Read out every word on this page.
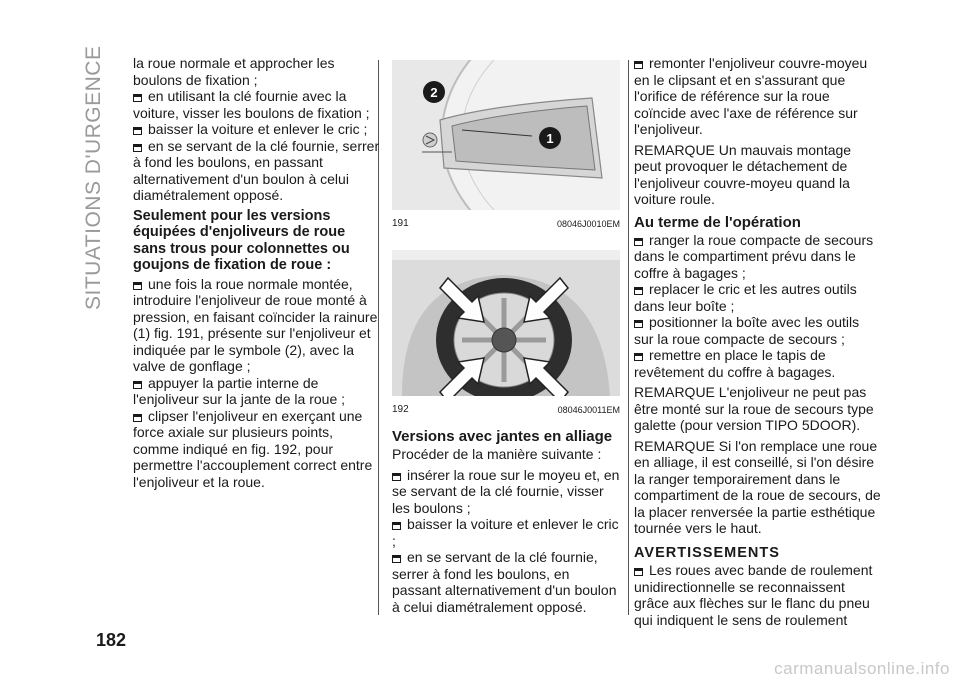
SITUATIONS D'URGENCE la roue normale et approcher les boulons de fixation ;

en utilisant la clé fournie avec la voiture, visser les boulons de fixation ;

baisser la voiture et enlever le cric ;

en se servant de la clé fournie, serrer à fond les boulons, en passant alternativement d'un boulon à celui diamétralement opposé.

Seulement pour les versions équipées d'enjoliveurs de roue sans trous pour colonnettes ou goujons de fixation de roue :

une fois la roue normale montée, introduire l'enjoliveur de roue monté à pression, en faisant coïncider la rainure (1) fig. 191, présente sur l'enjoliveur et indiquée par le symbole (2), avec la valve de gonflage ;

appuyer la partie interne de l'enjoliveur sur la jante de la roue ;

clipser l'enjoliveur en exerçant une force axiale sur plusieurs points, comme indiqué en fig. 192, pour permettre l'accouplement correct entre l'enjoliveur et la roue.

2
1
191	08046J0010EM
192	08046J0011EM
Versions avec jantes en alliage

Procéder de la manière suivante :

insérer la roue sur le moyeu et, en se servant de la clé fournie, visser les boulons ;

baisser la voiture et enlever le cric ;

en se servant de la clé fournie, serrer à fond les boulons, en passant alternativement d'un boulon à celui diamétralement opposé.

remonter l'enjoliveur couvre-moyeu en le clipsant et en s'assurant que l'orifice de référence sur la roue coïncide avec l'axe de référence sur l'enjoliveur.

REMARQUE Un mauvais montage peut provoquer le détachement de l'enjoliveur couvre-moyeu quand la voiture roule.

Au terme de l'opération

ranger la roue compacte de secours dans le compartiment prévu dans le coffre à bagages ;

replacer le cric et les autres outils dans leur boîte ;

positionner la boîte avec les outils sur la roue compacte de secours ;

remettre en place le tapis de revêtement du coffre à bagages.

REMARQUE L'enjoliveur ne peut pas être monté sur la roue de secours type galette (pour version TIPO 5DOOR).

REMARQUE Si l'on remplace une roue en alliage, il est conseillé, si l'on désire la ranger temporairement dans le compartiment de la roue de secours, de la placer renversée la partie esthétique tournée vers le haut.

AVERTISSEMENTS

Les roues avec bande de roulement unidirectionnelle se reconnaissent grâce aux flèches sur le flanc du pneu qui indiquent le sens de roulement

182
carmanualsonline.info
